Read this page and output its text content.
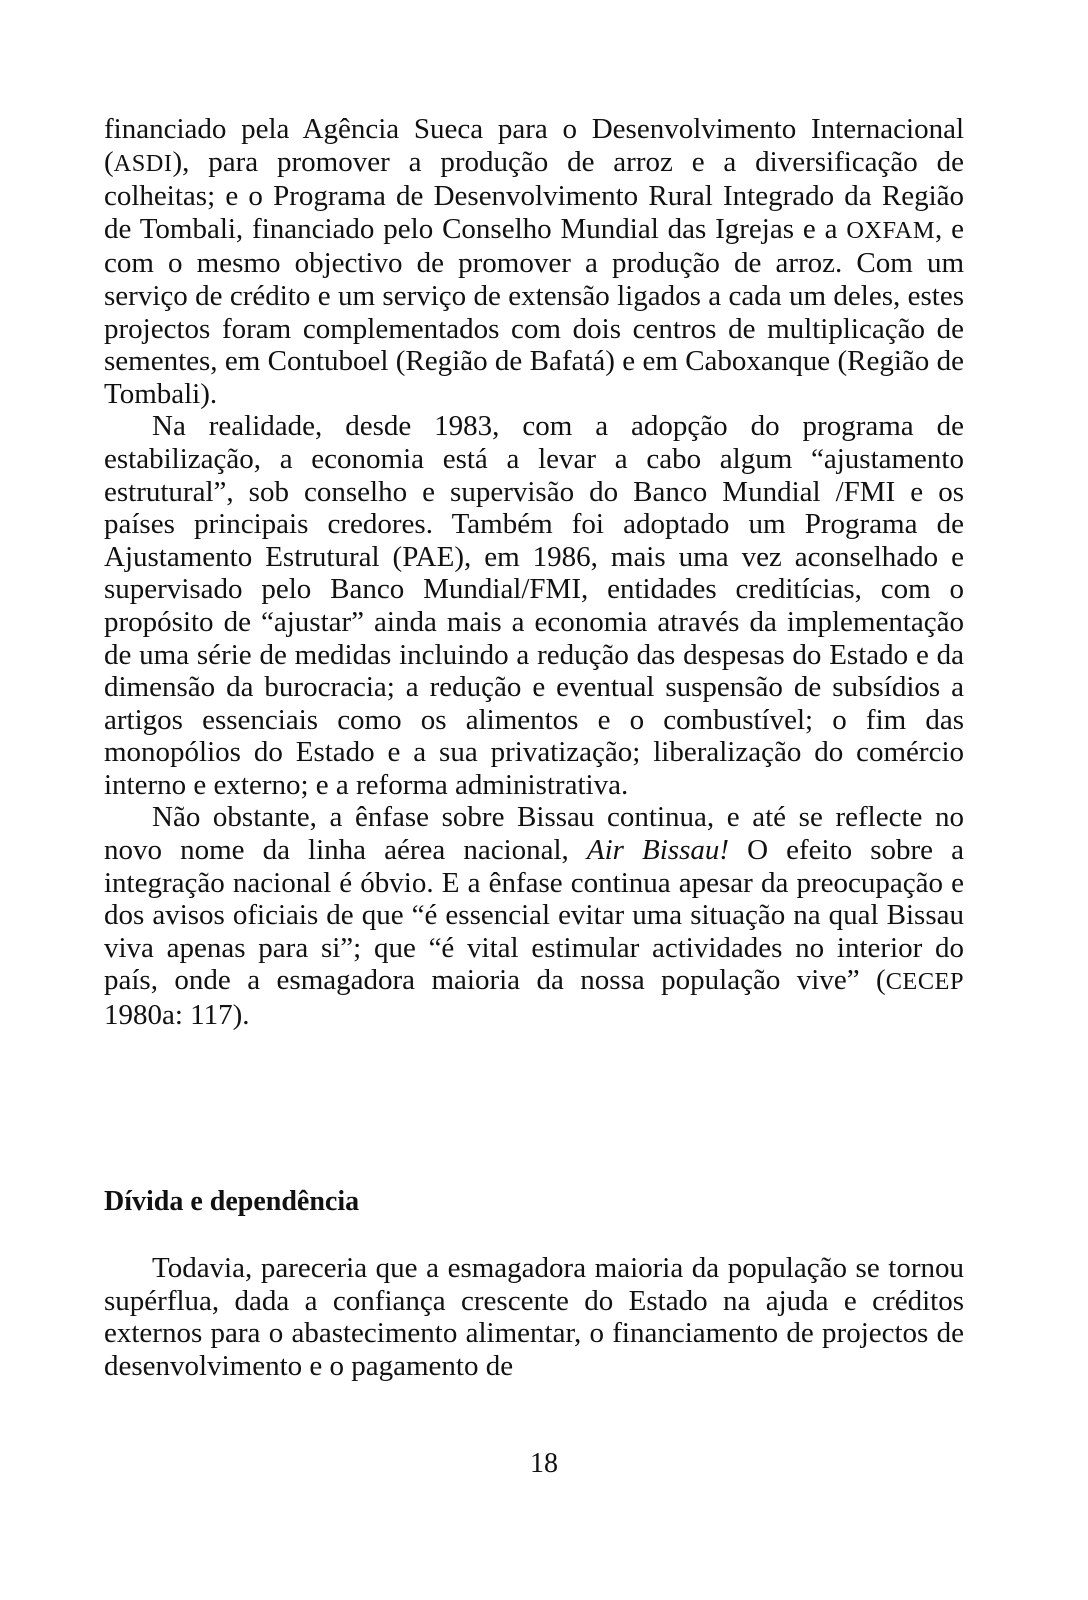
financiado pela Agência Sueca para o Desenvolvimento Internacional (ASDI), para promover a produção de arroz e a diversificação de colheitas; e o Programa de Desenvolvimento Rural Integrado da Região de Tombali, financiado pelo Conselho Mundial das Igrejas e a OXFAM, e com o mesmo objectivo de promover a produção de arroz. Com um serviço de crédito e um serviço de extensão ligados a cada um deles, estes projectos foram complementados com dois centros de multiplicação de sementes, em Contuboel (Região de Bafatá) e em Caboxanque (Região de Tombali).

Na realidade, desde 1983, com a adopção do programa de estabilização, a economia está a levar a cabo algum “ajustamento estrutural”, sob conselho e supervisão do Banco Mundial /FMI e os países principais credores. Também foi adoptado um Programa de Ajustamento Estrutural (PAE), em 1986, mais uma vez aconselhado e supervisado pelo Banco Mundial/FMI, entidades creditícias, com o propósito de “ajustar” ainda mais a economia através da implementação de uma série de medidas incluindo a redução das despesas do Estado e da dimensão da burocracia; a redução e eventual suspensão de subsídios a artigos essenciais como os alimentos e o combustível; o fim das monopólios do Estado e a sua privatização; liberalização do comércio interno e externo; e a reforma administrativa.

Não obstante, a ênfase sobre Bissau continua, e até se reflecte no novo nome da linha aérea nacional, Air Bissau! O efeito sobre a integração nacional é óbvio. E a ênfase continua apesar da preocupação e dos avisos oficiais de que “é essencial evitar uma situação na qual Bissau viva apenas para si”; que “é vital estimular actividades no interior do país, onde a esmagadora maioria da nossa população vive” (CECEP 1980a: 117).

Dívida e dependência

Todavia, pareceria que a esmagadora maioria da população se tornou supérflua, dada a confiança crescente do Estado na ajuda e créditos externos para o abastecimento alimentar, o financiamento de projectos de desenvolvimento e o pagamento de

18
